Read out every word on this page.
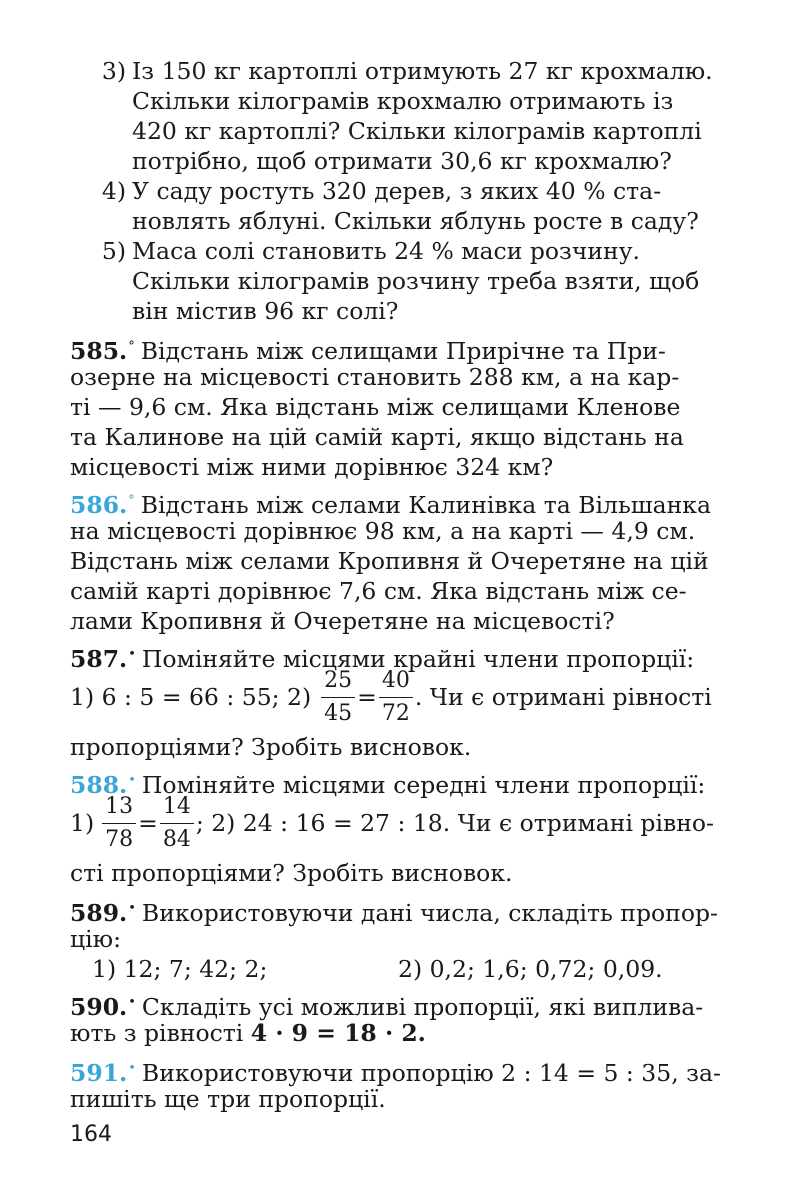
3) Із 150 кг картоплі отримують 27 кг крохмалю.
Скільки кілограмів крохмалю отримають із
420 кг картоплі? Скільки кілограмів картоплі
потрібно, щоб отримати 30,6 кг крохмалю?
4) У саду ростуть 320 дерев, з яких 40 % ста-
новлять яблуні. Скільки яблунь росте в саду?
5) Маса солі становить 24 % маси розчину.
Скільки кілограмів розчину треба взяти, щоб
він містив 96 кг солі?
585.° Відстань між селищами Прирічне та При-
озерне на місцевості становить 288 км, а на кар-
ті — 9,6 см. Яка відстань між селищами Кленове
та Калинове на цій самій карті, якщо відстань на
місцевості між ними дорівнює 324 км?
586.° Відстань між селами Калинівка та Вільшанка
на місцевості дорівнює 98 км, а на карті — 4,9 см.
Відстань між селами Кропивня й Очеретяне на цій
самій карті дорівнює 7,6 см. Яка відстань між се-
лами Кропивня й Очеретяне на місцевості?
587.• Поміняйте місцями крайні члени пропорції:
1) 6 : 5 = 66 : 55; $2) \frac{25}{45} = \frac{40}{72}$ . Чи є отримані рівності
пропорціями? Зробіть висновок.
588.• Поміняйте місцями середні члени пропорції:
$1) \frac{13}{78} = \frac{14}{84}$ ; 2) 24 : 16 = 27 : 18. Чи є отримані рівно-
сті пропорціями? Зробіть висновок.
589.• Використовуючи дані числа, складіть пропор-
цію:
1) 12; 7; 42; 2;	2) 0,2; 1,6; 0,72; 0,09.
590.• Складіть усі можливі пропорції, які виплива-
ють з рівності 4 · 9 = 18 · 2.
591.• Використовуючи пропорцію 2 : 14 = 5 : 35, за-
пишіть ще три пропорції.
164
